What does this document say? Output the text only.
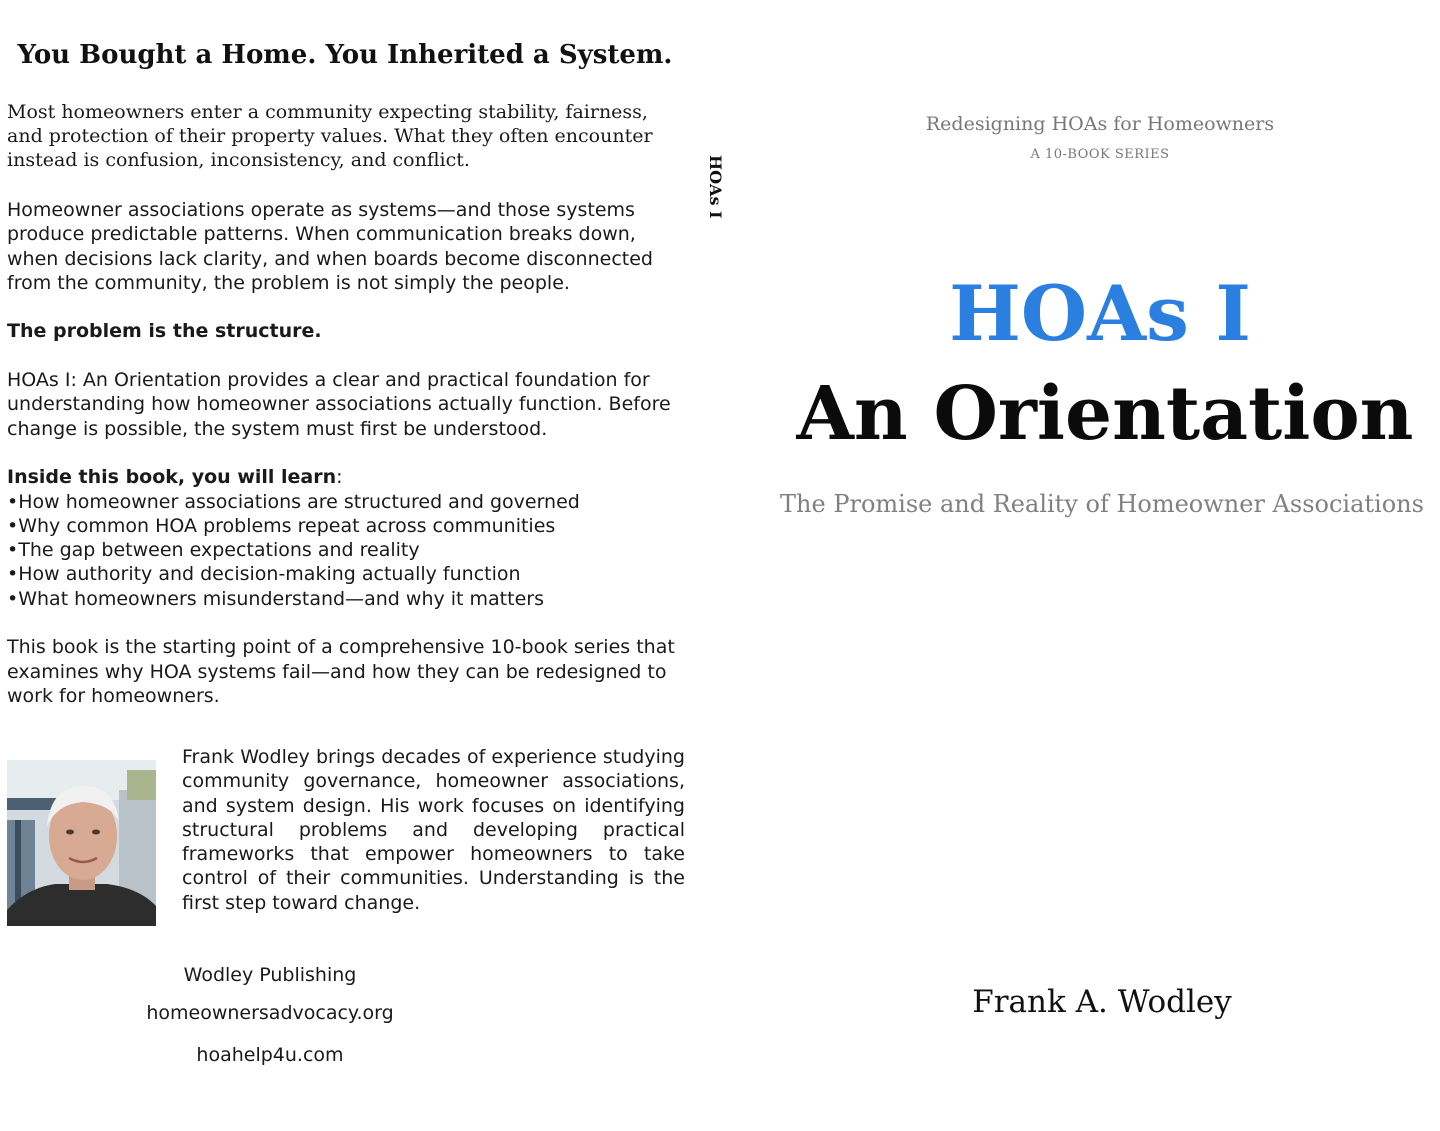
You Bought a Home. You Inherited a System.

Most homeowners enter a community expecting stability, fairness, and protection of their property values. What they often encounter instead is confusion, inconsistency, and conflict.

Homeowner associations operate as systems—and those systems produce predictable patterns. When communication breaks down, when decisions lack clarity, and when boards become disconnected from the community, the problem is not simply the people.

The problem is the structure.

HOAs I: An Orientation provides a clear and practical foundation for understanding how homeowner associations actually function. Before change is possible, the system must first be understood.

Inside this book, you will learn:
• How homeowner associations are structured and governed
• Why common HOA problems repeat across communities
• The gap between expectations and reality
• How authority and decision-making actually function
• What homeowners misunderstand—and why it matters

This book is the starting point of a comprehensive 10-book series that examines why HOA systems fail—and how they can be redesigned to work for homeowners.

Frank Wodley brings decades of experience studying community governance, homeowner associations, and system design. His work focuses on identifying structural problems and developing practical frameworks that empower homeowners to take control of their communities. Understanding is the first step toward change.

Wodley Publishing
homeownersadvocacy.org
hoahelp4u.com
HOAs I
Redesigning HOAs for Homeowners
A 10-BOOK SERIES
HOAs I
An Orientation
The Promise and Reality of Homeowner Associations
Frank A. Wodley
